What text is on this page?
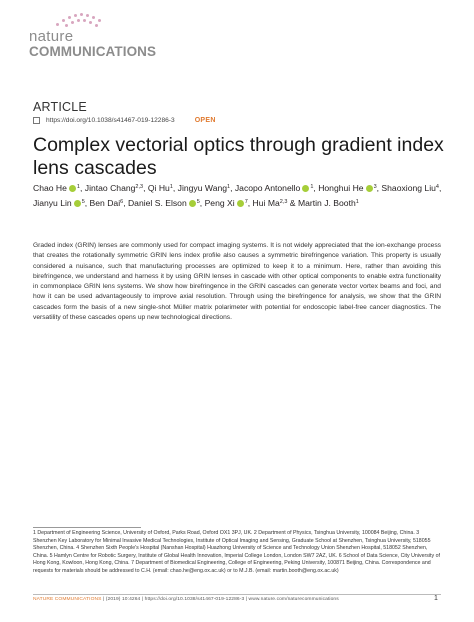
nature
COMMUNICATIONS
ARTICLE
https://doi.org/10.1038/s41467-019-12286-3	OPEN
Complex vectorial optics through gradient index lens cascades
Chao He $^1$, Jintao Chang$^{2,3}$, Qi Hu$^1$, Jingyu Wang$^1$, Jacopo Antonello $^1$, Honghui He $^3$, Shaoxiong Liu$^4$,
Jianyu Lin $^5$, Ben Dai$^6$, Daniel S. Elson $^5$, Peng Xi $^7$, Hui Ma$^{2,3}$ & Martin J. Booth$^1$
Graded index (GRIN) lenses are commonly used for compact imaging systems. It is not widely appreciated that the ion-exchange process that creates the rotationally symmetric GRIN lens index profile also causes a symmetric birefringence variation. This property is usually considered a nuisance, such that manufacturing processes are optimized to keep it to a minimum. Here, rather than avoiding this birefringence, we understand and harness it by using GRIN lenses in cascade with other optical components to enable extra functionality in commonplace GRIN lens systems. We show how birefringence in the GRIN cascades can generate vector vortex beams and foci, and how it can be used advantageously to improve axial resolution. Through using the birefringence for analysis, we show that the GRIN cascades form the basis of a new single-shot Müller matrix polarimeter with potential for endoscopic label-free cancer diagnostics. The versatility of these cascades opens up new technological directions.
1 Department of Engineering Science, University of Oxford, Parks Road, Oxford OX1 3PJ, UK. 2 Department of Physics, Tsinghua University, 100084 Beijing, China. 3 Shenzhen Key Laboratory for Minimal Invasive Medical Technologies, Institute of Optical Imaging and Sensing, Graduate School at Shenzhen, Tsinghua University, 518055 Shenzhen, China. 4 Shenzhen Sixth People's Hospital (Nanshan Hospital) Huazhong University of Science and Technology Union Shenzhen Hospital, 518052 Shenzhen, China. 5 Hamlyn Centre for Robotic Surgery, Institute of Global Health Innovation, Imperial College London, London SW7 2AZ, UK. 6 School of Data Science, City University of Hong Kong, Kowloon, Hong Kong, China. 7 Department of Biomedical Engineering, College of Engineering, Peking University, 100871 Beijing, China. Correspondence and requests for materials should be addressed to C.H. (email: chao.he@eng.ox.ac.uk) or to M.J.B. (email: martin.booth@eng.ox.ac.uk)
NATURE COMMUNICATIONS | (2019) 10:4264 | https://doi.org/10.1038/s41467-019-12286-3 | www.nature.com/naturecommunications	1
